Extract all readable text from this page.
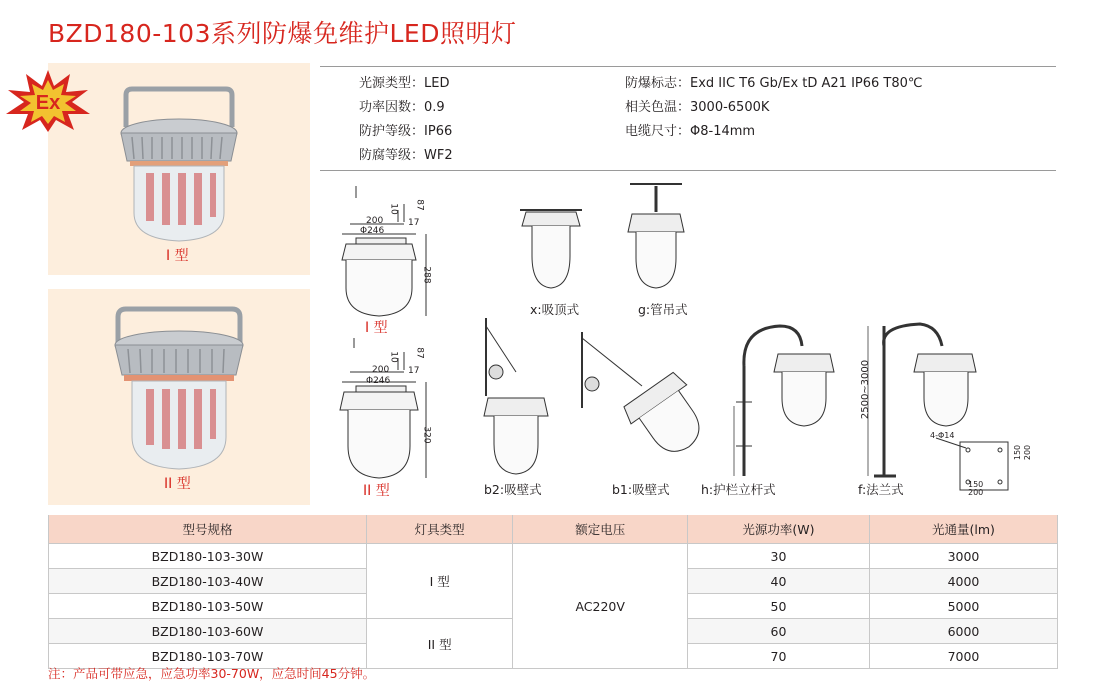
BZD180-103系列防爆免维护LED照明灯
I 型
II 型
Ex
光源类型：LED
功率因数：0.9
防护等级：IP66
防腐等级：WF2
防爆标志：Exd IIC T6 Gb/Ex tD A21 IP66 T80℃
相关色温：3000-6500K
电缆尺寸：Φ8-14mm
200
Φ246
10 87
17
288
I 型
200
Φ246
10 87
17
320
II 型
x:吸顶式	g:管吊式
b2:吸壁式	b1:吸壁式	h:护栏立杆式	f:法兰式
2500~3000
4-Φ14
150
200
150 200
型号规格	灯具类型	额定电压	光源功率(W)	光通量(lm)
BZD180-103-30W	I 型	AC220V	30	3000
BZD180-103-40W			40	4000
BZD180-103-50W			50	5000
BZD180-103-60W	II 型		60	6000
BZD180-103-70W			70	7000
注：产品可带应急，应急功率30-70W，应急时间45分钟。
